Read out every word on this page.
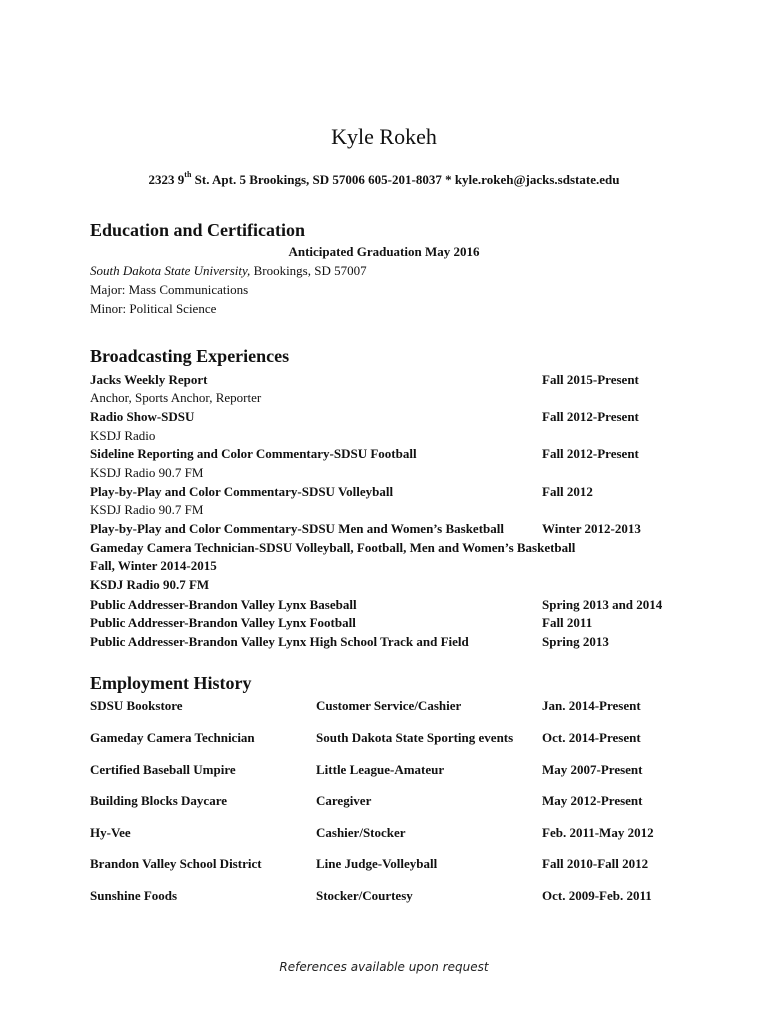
Kyle Rokeh
2323 9th St. Apt. 5 Brookings, SD 57006 605-201-8037 * kyle.rokeh@jacks.sdstate.edu
Education and Certification
Anticipated Graduation May 2016
South Dakota State University, Brookings, SD 57007
Major: Mass Communications
Minor: Political Science
Broadcasting Experiences
Jacks Weekly Report	Fall 2015-Present
Anchor, Sports Anchor, Reporter
Radio Show-SDSU	Fall 2012-Present
KSDJ Radio
Sideline Reporting and Color Commentary-SDSU Football	Fall 2012-Present
KSDJ Radio 90.7 FM
Play-by-Play and Color Commentary-SDSU Volleyball	Fall 2012
KSDJ Radio 90.7 FM
Play-by-Play and Color Commentary-SDSU Men and Women’s Basketball	Winter 2012-2013
Gameday Camera Technician-SDSU Volleyball, Football, Men and Women’s Basketball
Fall, Winter 2014-2015
KSDJ Radio 90.7 FM
Public Addresser-Brandon Valley Lynx Baseball	Spring 2013 and 2014
Public Addresser-Brandon Valley Lynx Football	Fall 2011
Public Addresser-Brandon Valley Lynx High School Track and Field	Spring 2013
Employment History
SDSU Bookstore	Customer Service/Cashier	Jan. 2014-Present
Gameday Camera Technician	South Dakota State Sporting events Oct. 2014-Present
Certified Baseball Umpire	Little League-Amateur	May 2007-Present
Building Blocks Daycare	Caregiver	May 2012-Present
Hy-Vee	Cashier/Stocker	Feb. 2011-May 2012
Brandon Valley School District	Line Judge-Volleyball	Fall 2010-Fall 2012
Sunshine Foods	Stocker/Courtesy	Oct. 2009-Feb. 2011
References available upon request
